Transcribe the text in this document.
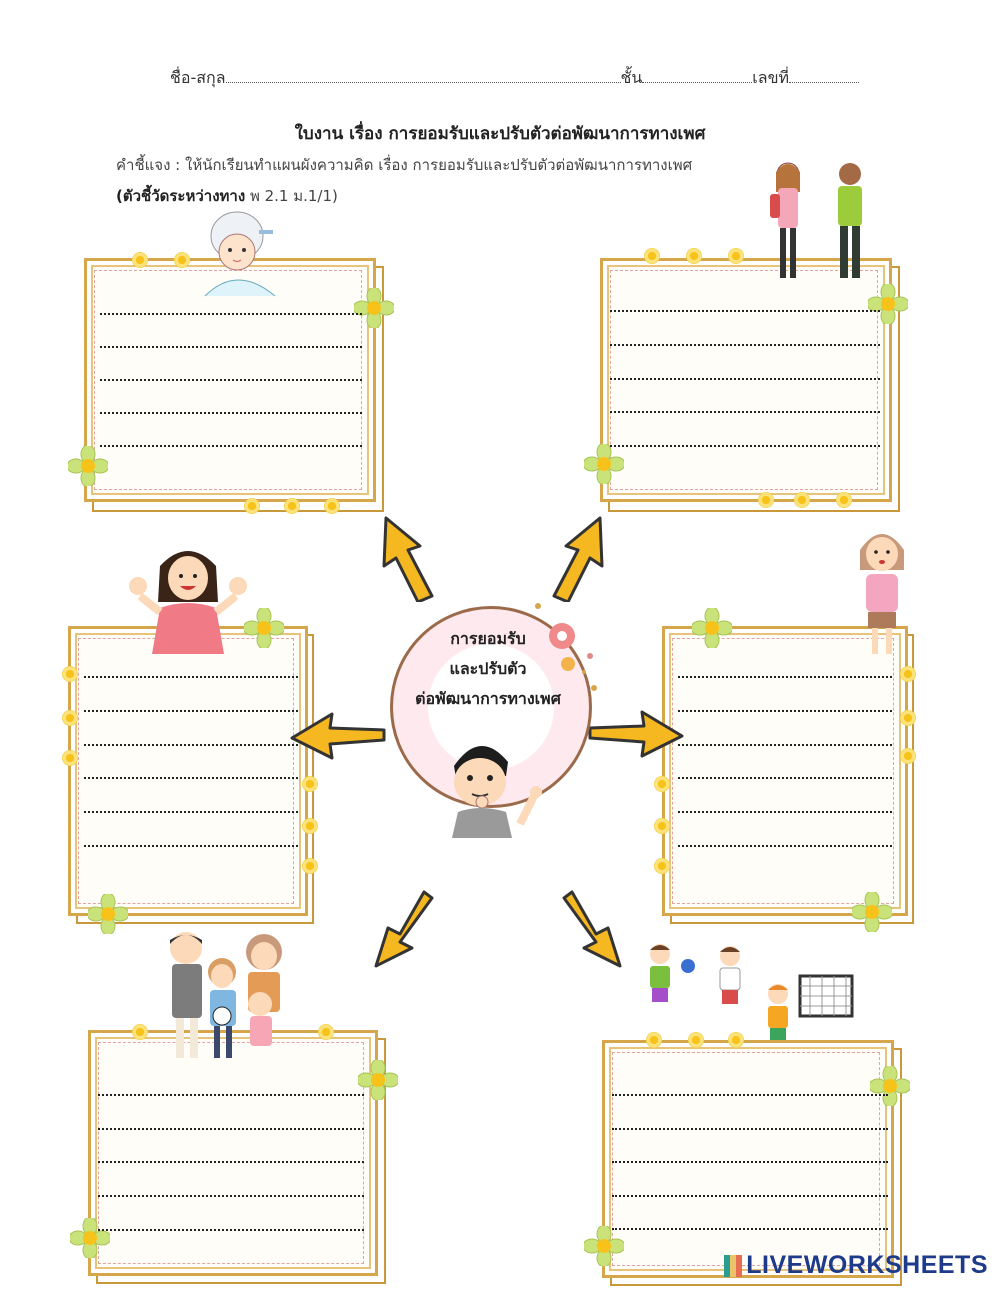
ชื่อ-สกุล	ชั้น	เลขที่
ใบงาน เรื่อง การยอมรับและปรับตัวต่อพัฒนาการทางเพศ
คำชี้แจง : ให้นักเรียนทำแผนผังความคิด เรื่อง การยอมรับและปรับตัวต่อพัฒนาการทางเพศ
(ตัวชี้วัดระหว่างทาง พ 2.1 ม.1/1)
การยอมรับ
และปรับตัว
ต่อพัฒนาการทางเพศ
LIVEWORKSHEETS
